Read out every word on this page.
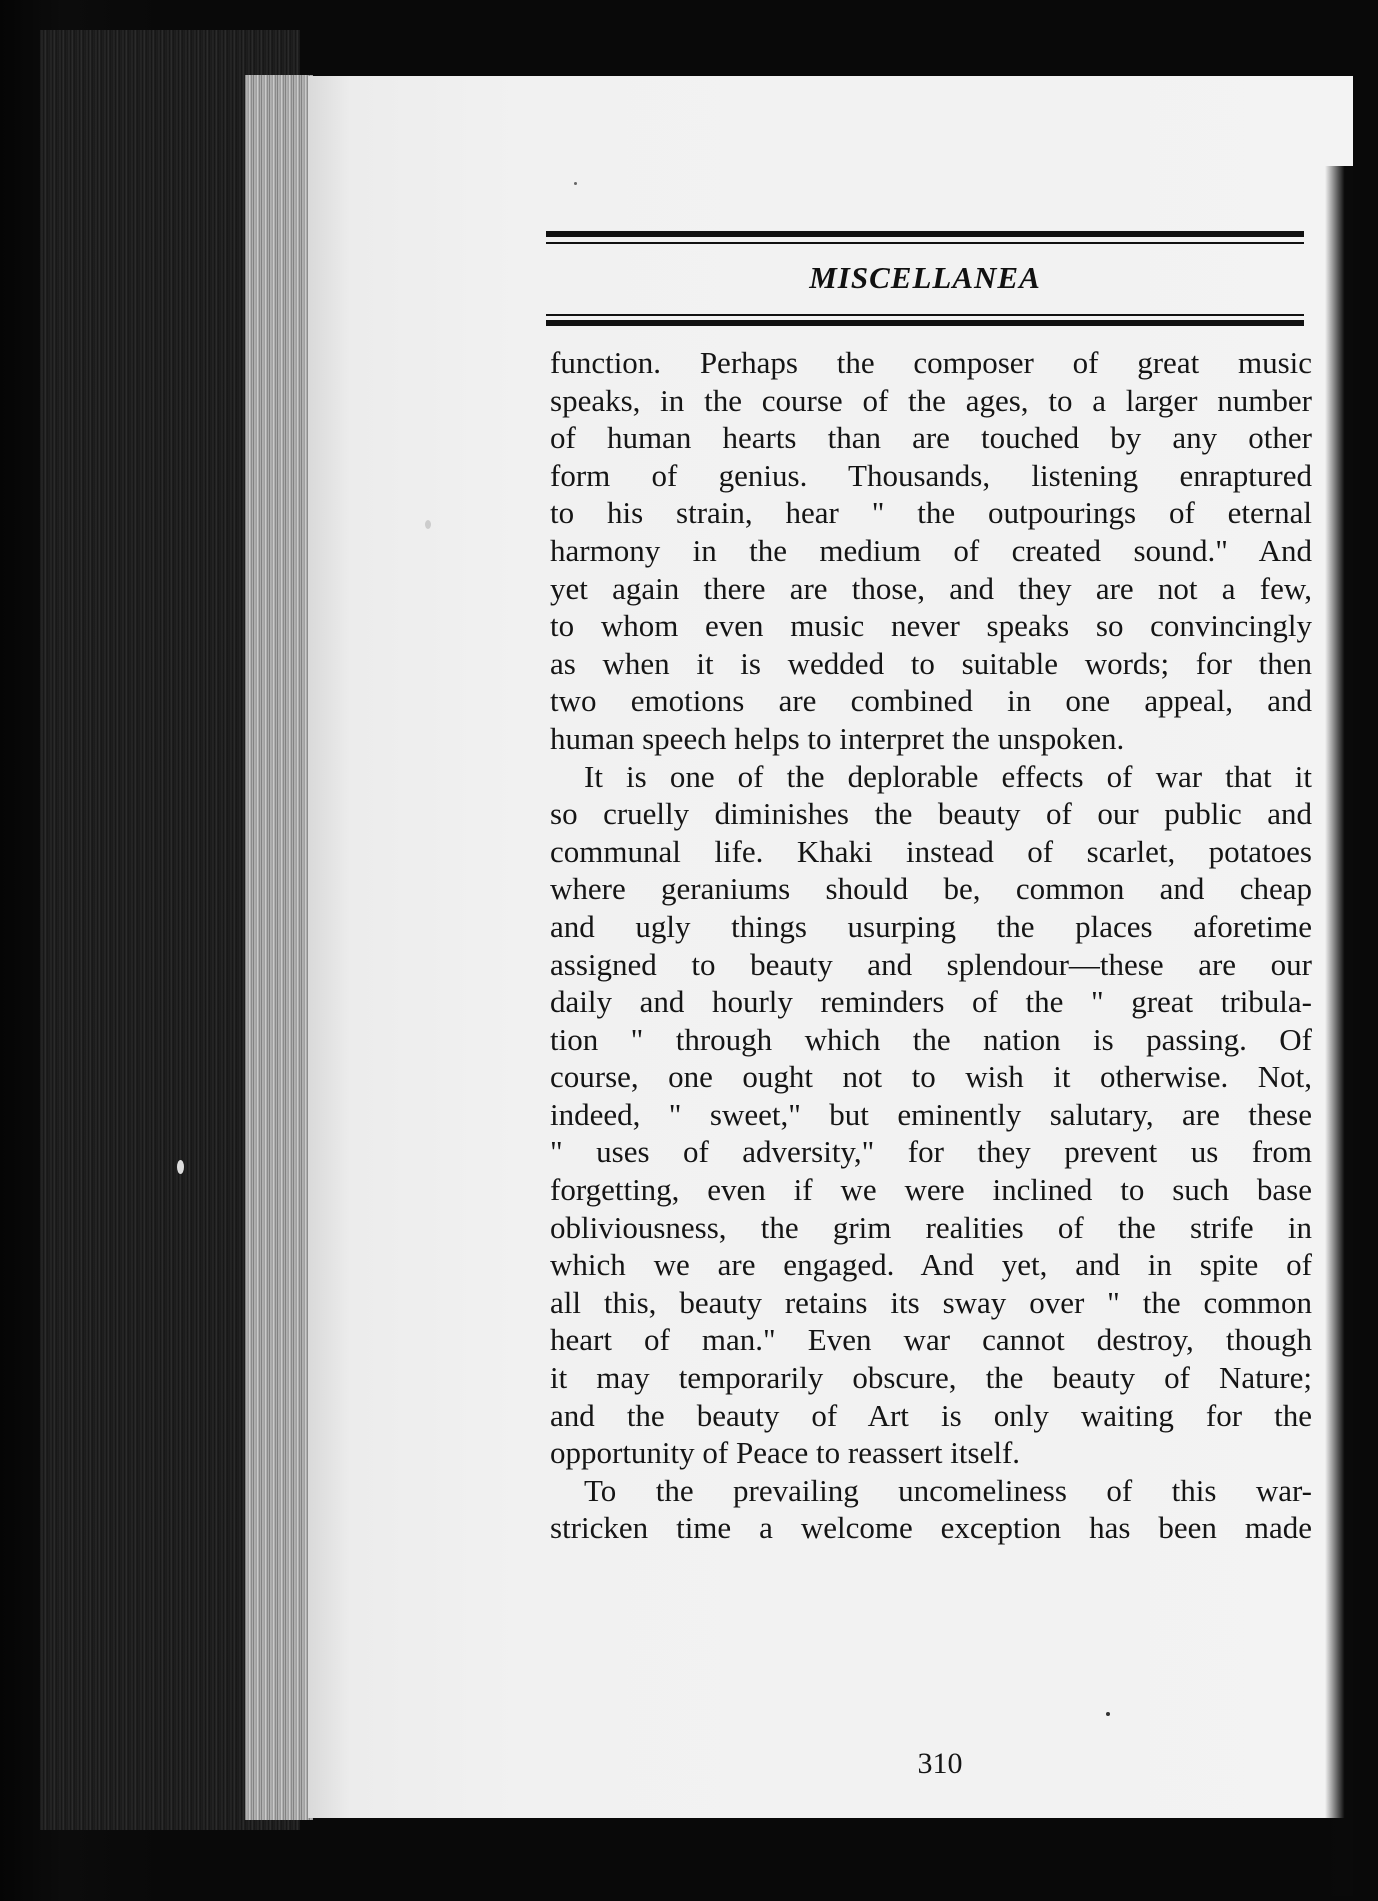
MISCELLANEA
function. Perhaps the composer of great music
speaks, in the course of the ages, to a larger number
of human hearts than are touched by any other
form of genius. Thousands, listening enraptured
to his strain, hear " the outpourings of eternal
harmony in the medium of created sound." And
yet again there are those, and they are not a few,
to whom even music never speaks so convincingly
as when it is wedded to suitable words; for then
two emotions are combined in one appeal, and
human speech helps to interpret the unspoken.
It is one of the deplorable effects of war that it
so cruelly diminishes the beauty of our public and
communal life. Khaki instead of scarlet, potatoes
where geraniums should be, common and cheap
and ugly things usurping the places aforetime
assigned to beauty and splendour—these are our
daily and hourly reminders of the " great tribula-
tion " through which the nation is passing. Of
course, one ought not to wish it otherwise. Not,
indeed, " sweet," but eminently salutary, are these
" uses of adversity," for they prevent us from
forgetting, even if we were inclined to such base
obliviousness, the grim realities of the strife in
which we are engaged. And yet, and in spite of
all this, beauty retains its sway over " the common
heart of man." Even war cannot destroy, though
it may temporarily obscure, the beauty of Nature;
and the beauty of Art is only waiting for the
opportunity of Peace to reassert itself.
To the prevailing uncomeliness of this war-
stricken time a welcome exception has been made
310
